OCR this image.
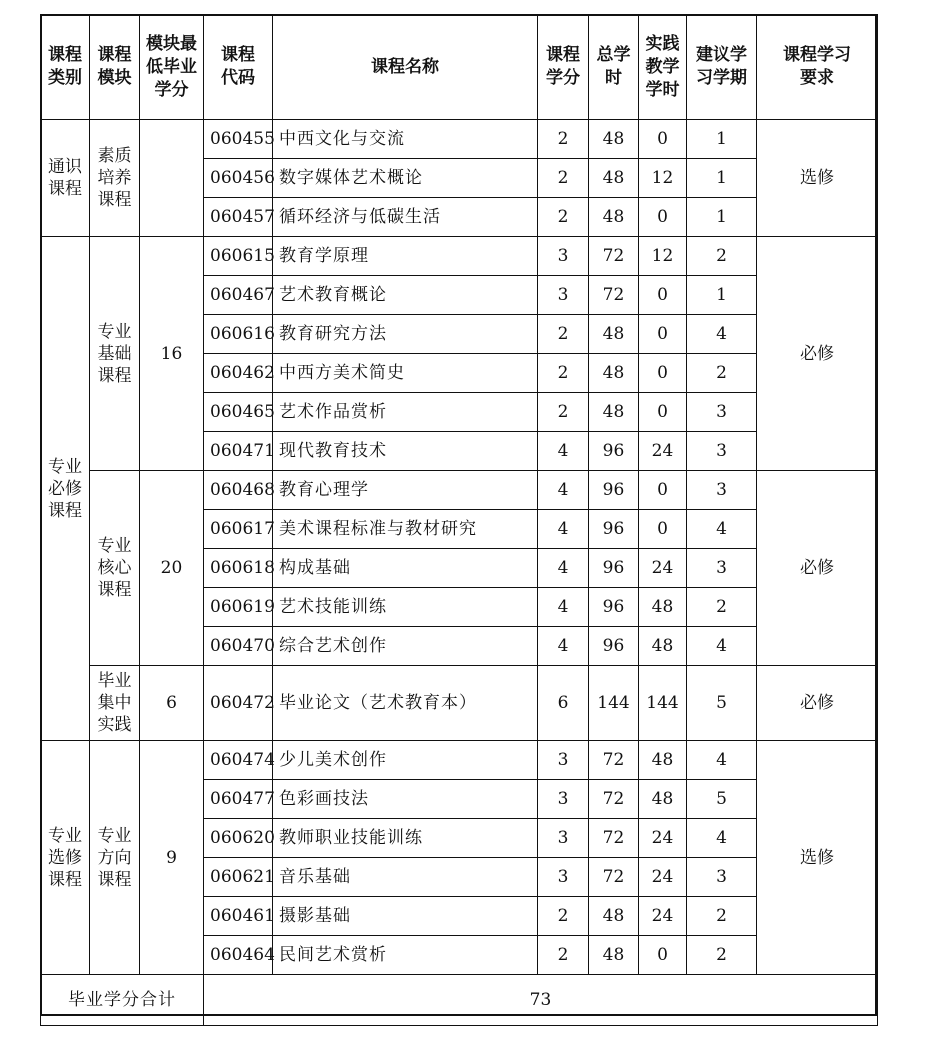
课程类别	课程模块	模块最低毕业学分	课程代码	课程名称	课程学分	总学时	实践教学学时	建议学习学期	课程学习要求
通识课程	素质培养课程		060455	中西文化与交流	2	48	0	1	选修
			060456	数字媒体艺术概论	2	48	12	1	
			060457	循环经济与低碳生活	2	48	0	1	
专业必修课程	专业基础课程	16	060615	教育学原理	3	72	12	2	必修
			060467	艺术教育概论	3	72	0	1	
			060616	教育研究方法	2	48	0	4	
			060462	中西方美术简史	2	48	0	2	
			060465	艺术作品赏析	2	48	0	3	
			060471	现代教育技术	4	96	24	3	
	专业核心课程	20	060468	教育心理学	4	96	0	3	必修
			060617	美术课程标准与教材研究	4	96	0	4	
			060618	构成基础	4	96	24	3	
			060619	艺术技能训练	4	96	48	2	
			060470	综合艺术创作	4	96	48	4	
	毕业集中实践	6	060472	毕业论文（艺术教育本）	6	144	144	5	必修
专业选修课程	专业方向课程	9	060474	少儿美术创作	3	72	48	4	选修
			060477	色彩画技法	3	72	48	5	
			060620	教师职业技能训练	3	72	24	4	
			060621	音乐基础	3	72	24	3	
			060461	摄影基础	2	48	24	2	
			060464	民间艺术赏析	2	48	0	2	
毕业学分合计			73						
